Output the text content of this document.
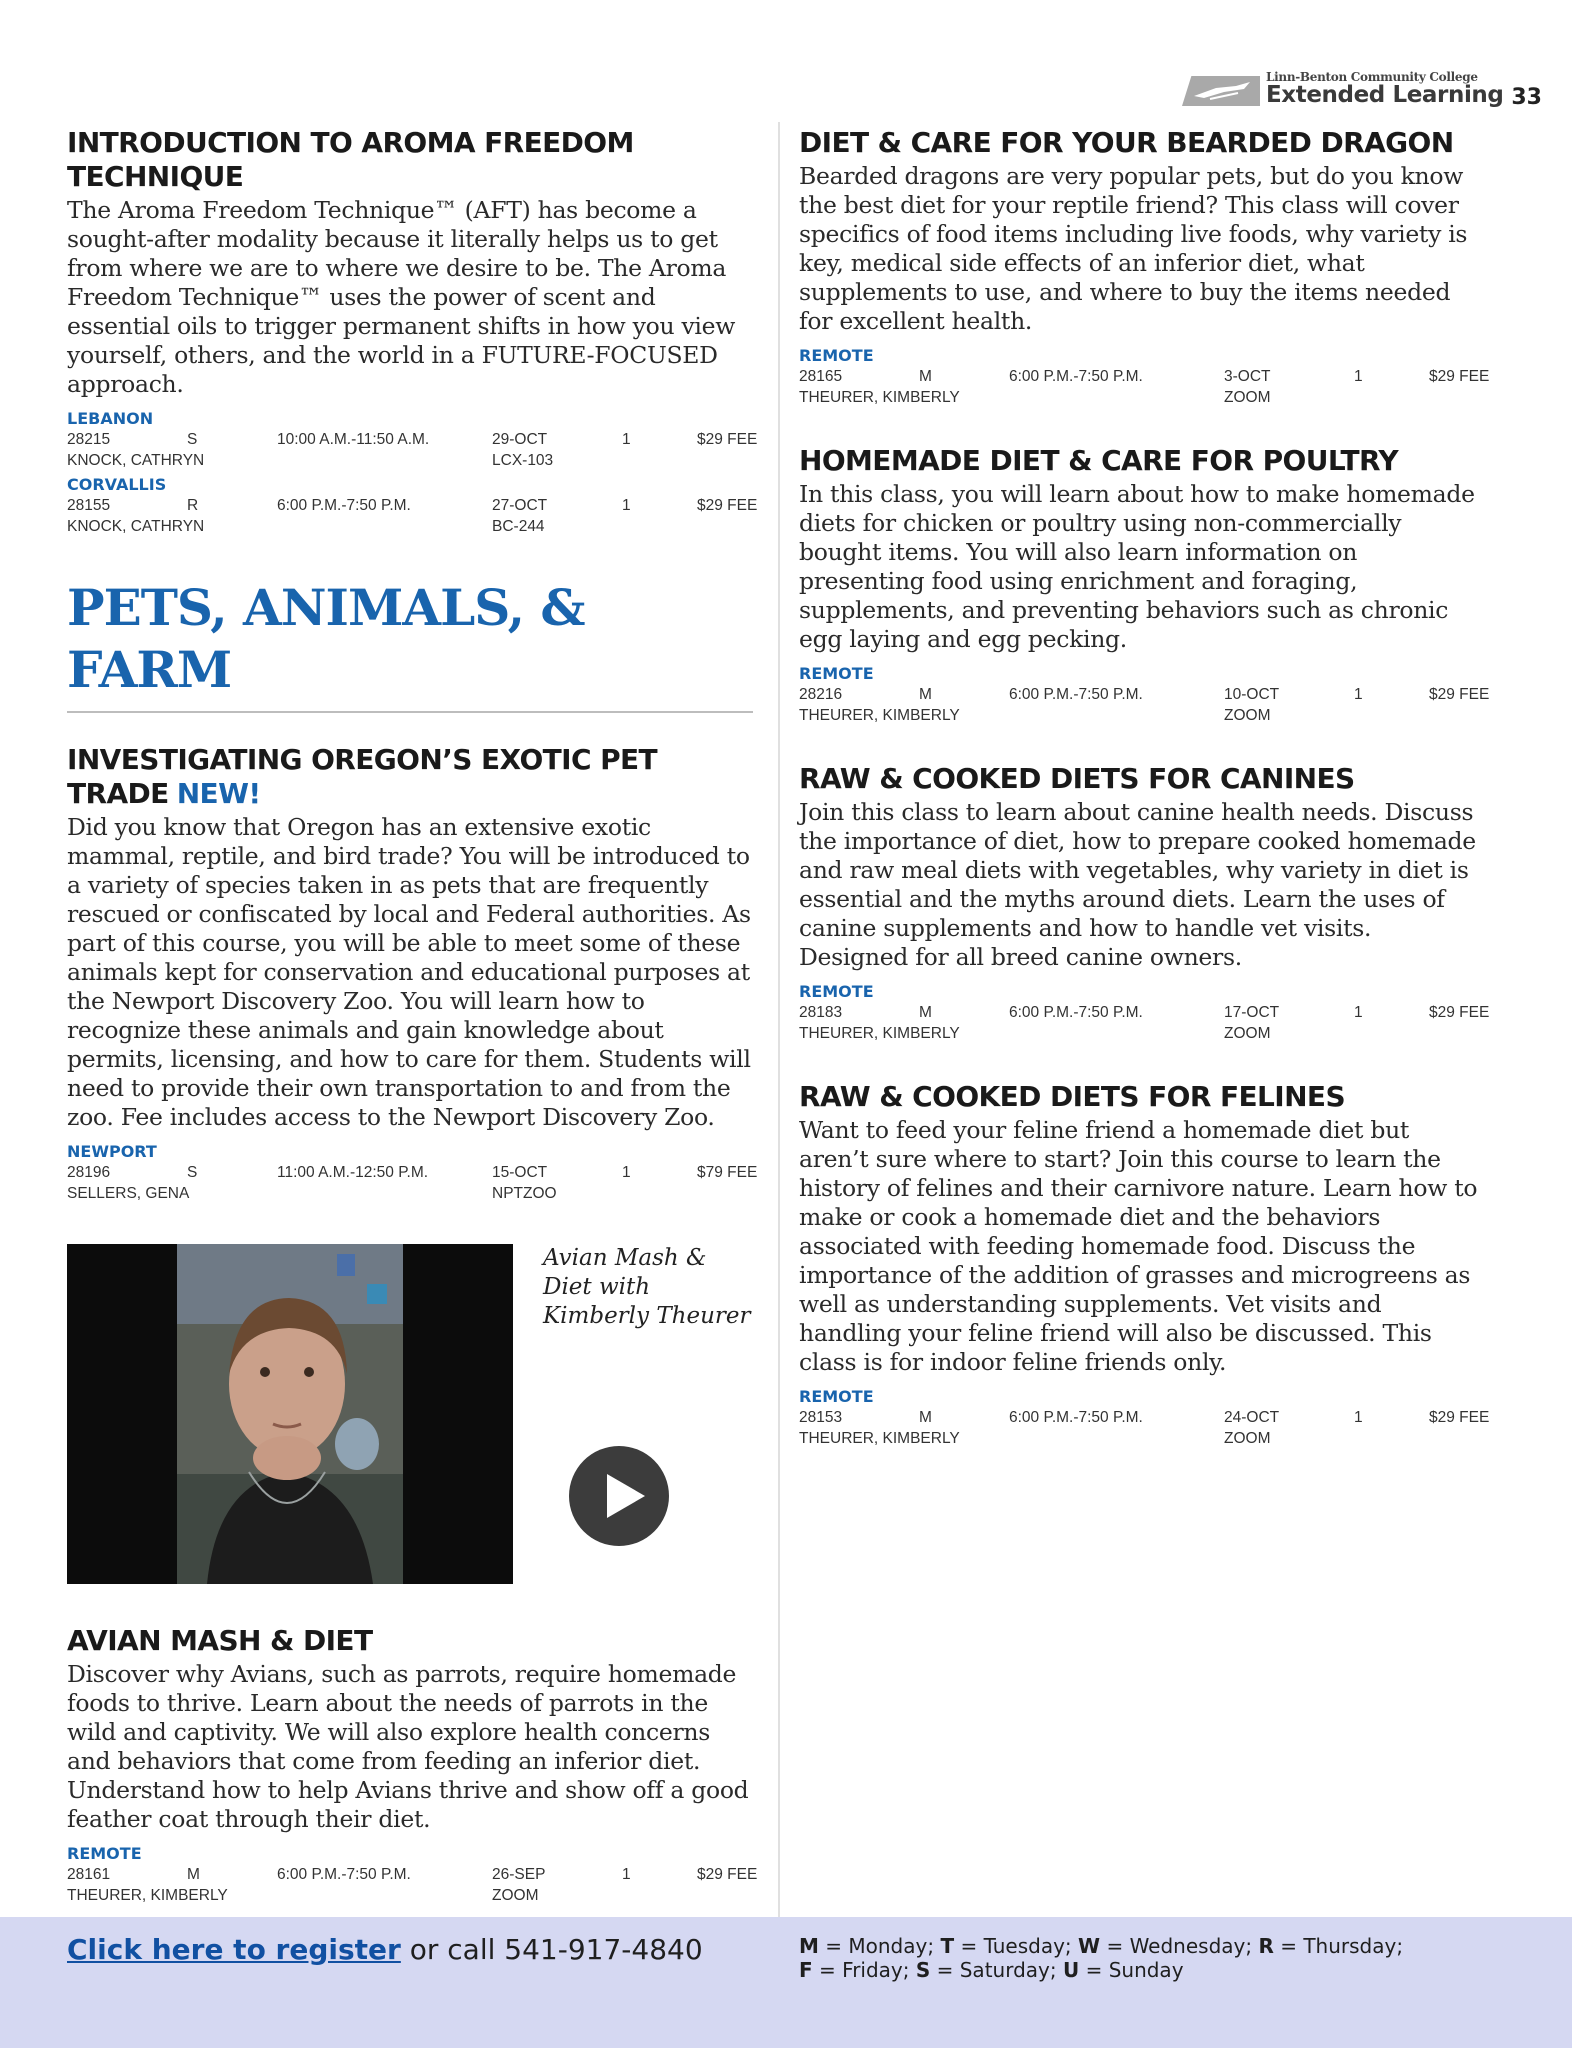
Linn-Benton Community College
Extended Learning 33
INTRODUCTION TO AROMA FREEDOM TECHNIQUE
The Aroma Freedom Technique™ (AFT) has become a sought-after modality because it literally helps us to get from where we are to where we desire to be. The Aroma Freedom Technique™ uses the power of scent and essential oils to trigger permanent shifts in how you view yourself, others, and the world in a FUTURE-FOCUSED approach.
LEBANON
28215	S	10:00 A.M.-11:50 A.M.	29-OCT	1	$29 FEE
KNOCK, CATHRYN	LCX-103
CORVALLIS
28155	R	6:00 P.M.-7:50 P.M.	27-OCT	1	$29 FEE
KNOCK, CATHRYN	BC-244
PETS, ANIMALS, & FARM
INVESTIGATING OREGON’S EXOTIC PET TRADE NEW!
Did you know that Oregon has an extensive exotic mammal, reptile, and bird trade? You will be introduced to a variety of species taken in as pets that are frequently rescued or confiscated by local and Federal authorities. As part of this course, you will be able to meet some of these animals kept for conservation and educational purposes at the Newport Discovery Zoo. You will learn how to recognize these animals and gain knowledge about permits, licensing, and how to care for them. Students will need to provide their own transportation to and from the zoo. Fee includes access to the Newport Discovery Zoo.
NEWPORT
28196	S	11:00 A.M.-12:50 P.M.	15-OCT	1	$79 FEE
SELLERS, GENA	NPTZOO
Avian Mash & Diet with Kimberly Theurer
AVIAN MASH & DIET
Discover why Avians, such as parrots, require homemade foods to thrive. Learn about the needs of parrots in the wild and captivity. We will also explore health concerns and behaviors that come from feeding an inferior diet. Understand how to help Avians thrive and show off a good feather coat through their diet.
REMOTE
28161	M	6:00 P.M.-7:50 P.M.	26-SEP	1	$29 FEE
THEURER, KIMBERLY	ZOOM
DIET & CARE FOR YOUR BEARDED DRAGON
Bearded dragons are very popular pets, but do you know the best diet for your reptile friend? This class will cover specifics of food items including live foods, why variety is key, medical side effects of an inferior diet, what supplements to use, and where to buy the items needed for excellent health.
REMOTE
28165	M	6:00 P.M.-7:50 P.M.	3-OCT	1	$29 FEE
THEURER, KIMBERLY	ZOOM
HOMEMADE DIET & CARE FOR POULTRY
In this class, you will learn about how to make homemade diets for chicken or poultry using non-commercially bought items. You will also learn information on presenting food using enrichment and foraging, supplements, and preventing behaviors such as chronic egg laying and egg pecking.
REMOTE
28216	M	6:00 P.M.-7:50 P.M.	10-OCT	1	$29 FEE
THEURER, KIMBERLY	ZOOM
RAW & COOKED DIETS FOR CANINES
Join this class to learn about canine health needs. Discuss the importance of diet, how to prepare cooked homemade and raw meal diets with vegetables, why variety in diet is essential and the myths around diets. Learn the uses of canine supplements and how to handle vet visits. Designed for all breed canine owners.
REMOTE
28183	M	6:00 P.M.-7:50 P.M.	17-OCT	1	$29 FEE
THEURER, KIMBERLY	ZOOM
RAW & COOKED DIETS FOR FELINES
Want to feed your feline friend a homemade diet but aren’t sure where to start? Join this course to learn the history of felines and their carnivore nature. Learn how to make or cook a homemade diet and the behaviors associated with feeding homemade food. Discuss the importance of the addition of grasses and microgreens as well as understanding supplements. Vet visits and handling your feline friend will also be discussed. This class is for indoor feline friends only.
REMOTE
28153	M	6:00 P.M.-7:50 P.M.	24-OCT	1	$29 FEE
THEURER, KIMBERLY	ZOOM
Click here to register or call 541-917-4840	M = Monday; T = Tuesday; W = Wednesday; R = Thursday;
F = Friday; S = Saturday; U = Sunday
